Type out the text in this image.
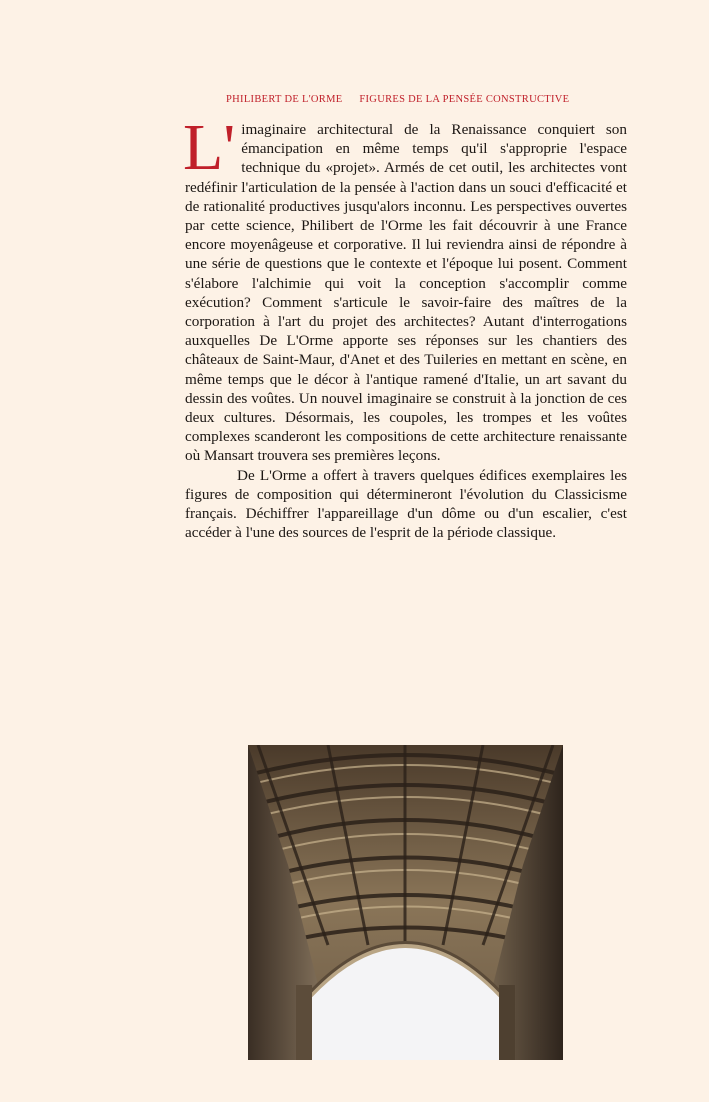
PHILIBERT DE L'ORME FIGURES DE LA PENSÉE CONSTRUCTIVE

L' imaginaire architectural de la Renaissance conquiert son émancipation en même temps qu'il s'approprie l'espace technique du «projet». Armés de cet outil, les architectes vont redéfinir l'articulation de la pensée à l'action dans un souci d'efficacité et de rationalité productives jusqu'alors inconnu. Les perspectives ouvertes par cette science, Philibert de l'Orme les fait découvrir à une France encore moyenâgeuse et corporative. Il lui reviendra ainsi de répondre à une série de questions que le contexte et l'époque lui posent. Comment s'élabore l'alchimie qui voit la conception s'accomplir comme exécution? Comment s'articule le savoir-faire des maîtres de la corporation à l'art du projet des architectes? Autant d'interrogations auxquelles De L'Orme apporte ses réponses sur les chantiers des châteaux de Saint-Maur, d'Anet et des Tuileries en mettant en scène, en même temps que le décor à l'antique ramené d'Italie, un art savant du dessin des voûtes. Un nouvel imaginaire se construit à la jonction de ces deux cultures. Désormais, les coupoles, les trompes et les voûtes complexes scanderont les compositions de cette architecture renaissante où Mansart trouvera ses premières leçons.

De L'Orme a offert à travers quelques édifices exemplaires les figures de composition qui détermineront l'évolution du Classicisme français. Déchiffrer l'appareillage d'un dôme ou d'un escalier, c'est accéder à l'une des sources de l'esprit de la période classique.
